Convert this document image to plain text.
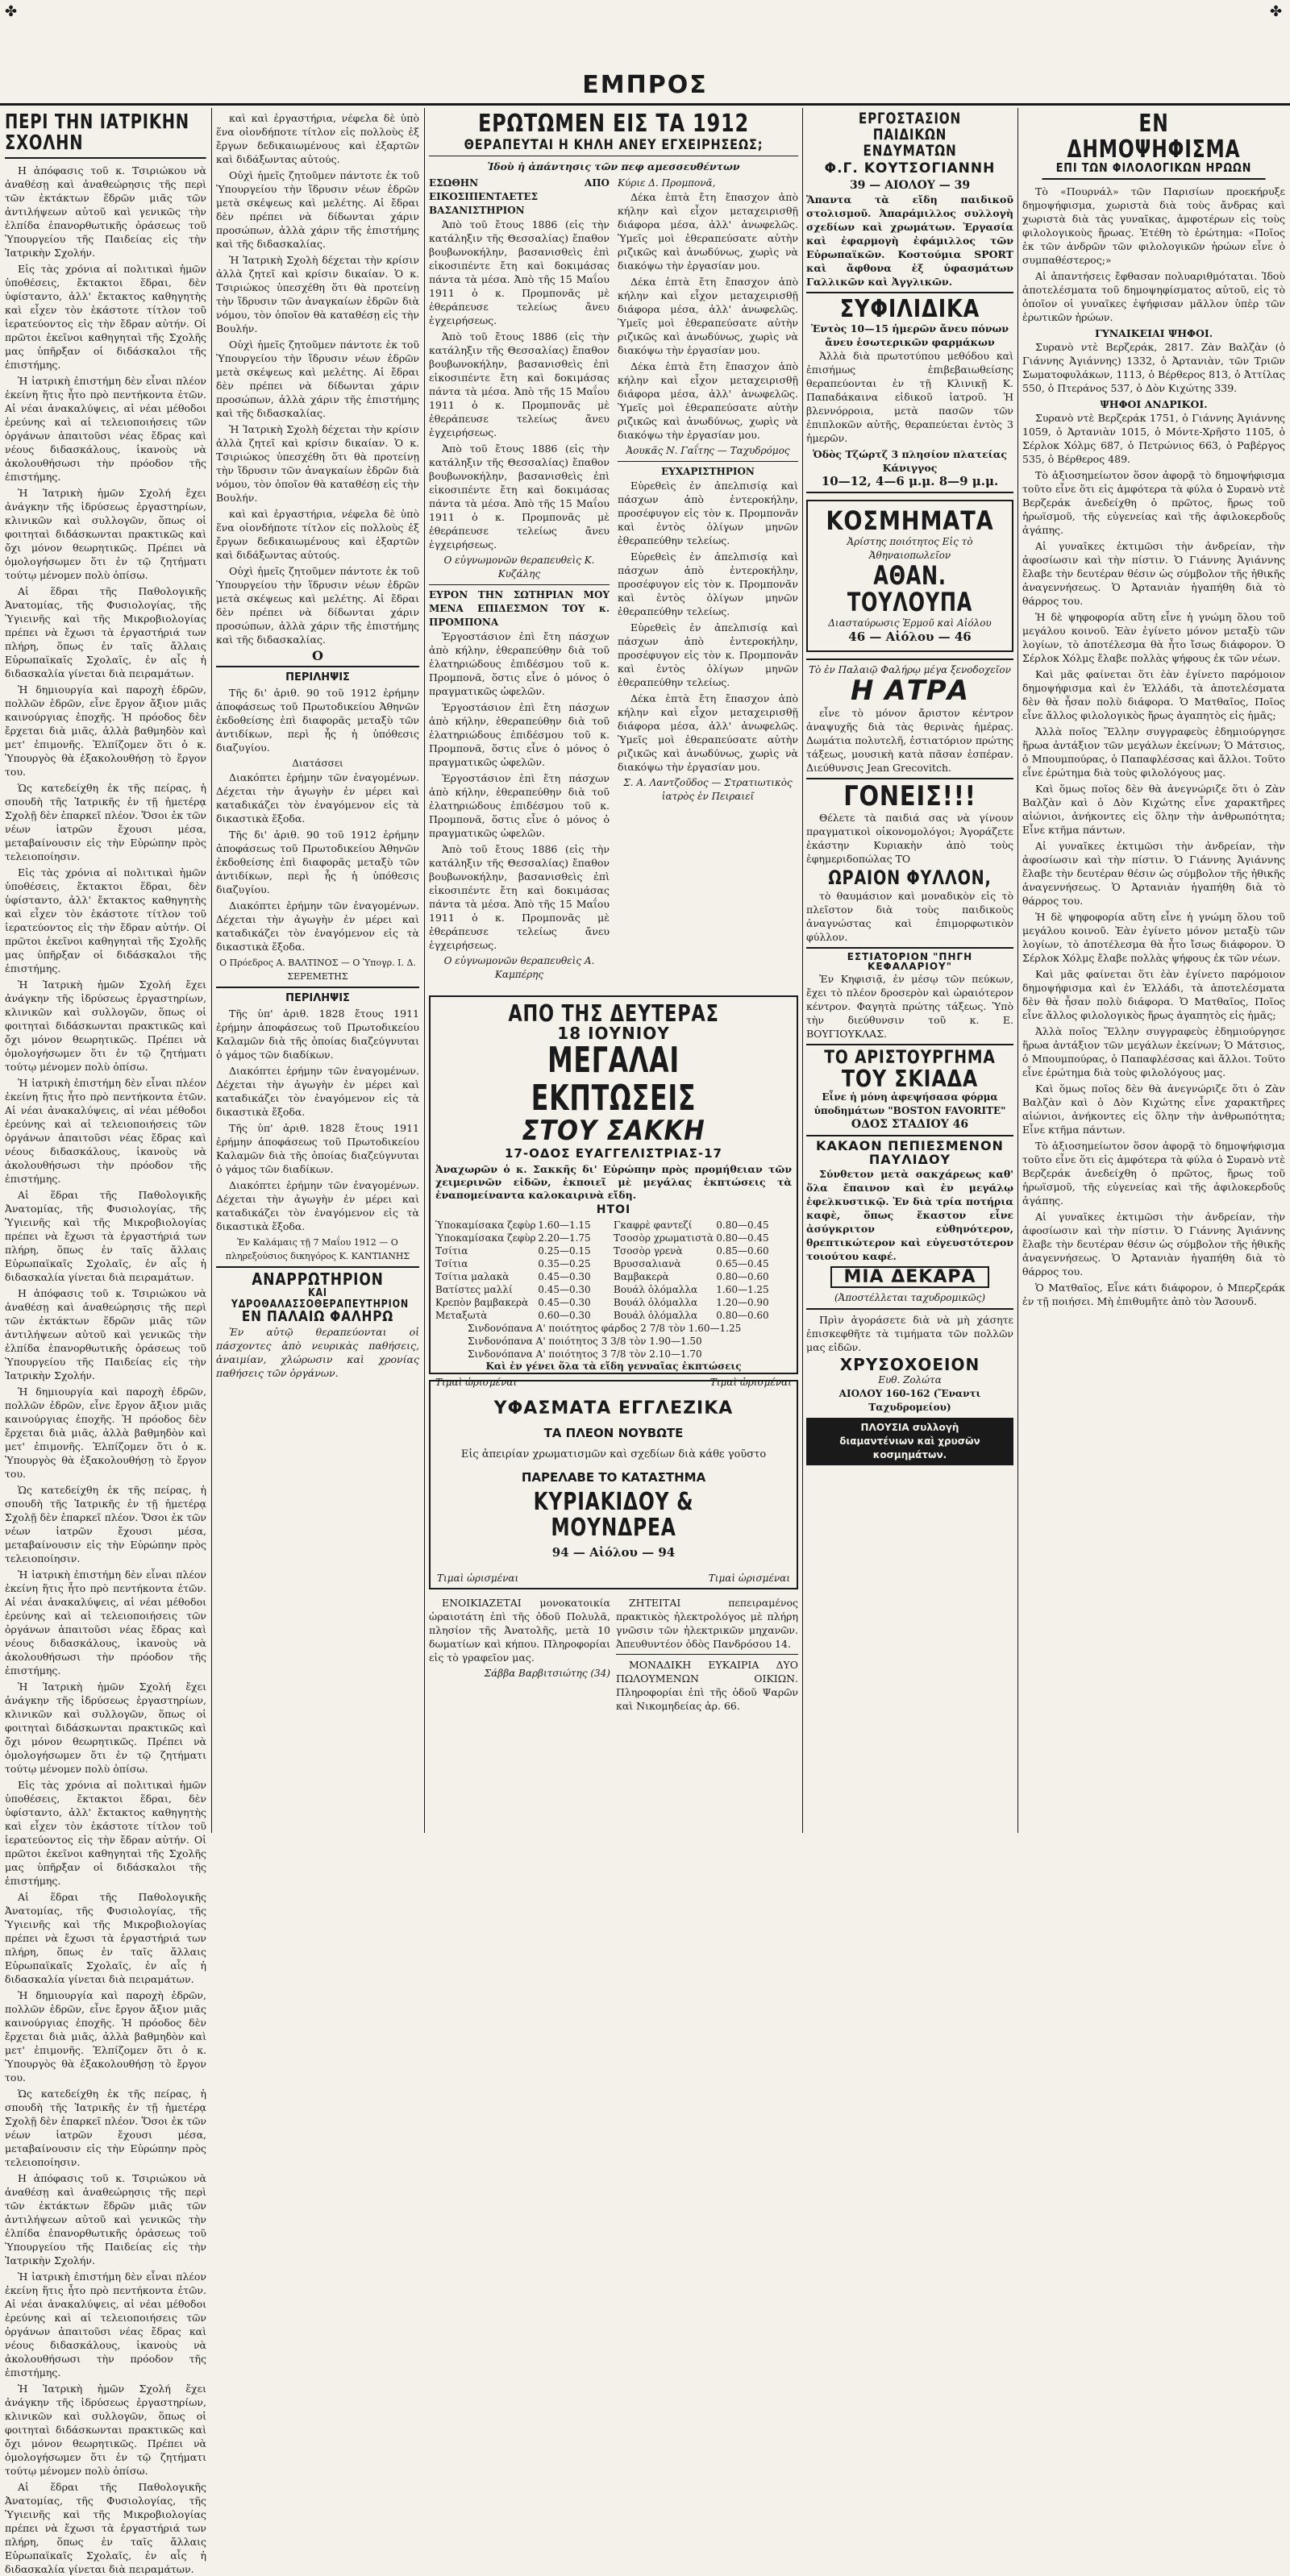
✤	✤
ΕΜΠΡΟΣ
ΠΕΡΙ ΤΗΝ ΙΑΤΡΙΚΗΝ ΣΧΟΛΗΝ

Η ἀπόφασις τοῦ κ. Τσιριώκου νὰ ἀναθέσῃ καὶ ἀναθεώρησις τῆς περὶ τῶν ἐκτάκτων ἕδρῶν μιᾶς τῶν ἀντιλήψεων αὐτοῦ καὶ γενικῶς τὴν ἐλπίδα ἐπανορθωτικῆς ὁράσεως τοῦ Ὑπουργείου τῆς Παιδείας εἰς τὴν Ἰατρικὴν Σχολήν.

Εἰς τὰς χρόνια αἱ πολιτικαὶ ἡμῶν ὑποθέσεις, ἔκτακτοι ἕδραι, δὲν ὑφίσταντο, ἀλλ' ἔκτακτος καθηγητὴς καὶ εἶχεν τὸν ἑκάστοτε τίτλον τοῦ ἱερατεύοντος εἰς τὴν ἔδραν αὐτήν. Οἱ πρῶτοι ἐκεῖνοι καθηγηταὶ τῆς Σχολῆς μας ὑπῆρξαν οἱ διδάσκαλοι τῆς ἐπιστήμης.

Ἡ ἰατρικὴ ἐπιστήμη δὲν εἶναι πλέον ἐκείνη ἥτις ἦτο πρὸ πεντήκοντα ἐτῶν. Αἱ νέαι ἀνακαλύψεις, αἱ νέαι μέθοδοι ἐρεύνης καὶ αἱ τελειοποιήσεις τῶν ὀργάνων ἀπαιτοῦσι νέας ἔδρας καὶ νέους διδασκάλους, ἱκανοὺς νὰ ἀκολουθήσωσι τὴν πρόοδον τῆς ἐπιστήμης.

Ἡ Ἰατρικὴ ἡμῶν Σχολή ἔχει ἀνάγκην τῆς ἱδρύσεως ἐργαστηρίων, κλινικῶν καὶ συλλογῶν, ὅπως οἱ φοιτηταὶ διδάσκωνται πρακτικῶς καὶ ὄχι μόνον θεωρητικῶς. Πρέπει νὰ ὁμολογήσωμεν ὅτι ἐν τῷ ζητήματι τούτῳ μένομεν πολὺ ὀπίσω.

Αἱ ἕδραι τῆς Παθολογικῆς Ἀνατομίας, τῆς Φυσιολογίας, τῆς Ὑγιεινῆς καὶ τῆς Μικροβιολογίας πρέπει νὰ ἔχωσι τὰ ἐργαστήριά των πλήρη, ὅπως ἐν ταῖς ἄλλαις Εὐρωπαϊκαῖς Σχολαῖς, ἐν αἷς ἡ διδασκαλία γίνεται διὰ πειραμάτων.

Ἡ δημιουργία καὶ παροχὴ ἐδρῶν, πολλῶν ἐδρῶν, εἶνε ἔργον ἄξιον μιᾶς καινούργιας ἐποχῆς. Ἡ πρόοδος δὲν ἔρχεται διὰ μιᾶς, ἀλλὰ βαθμηδὸν καὶ μετ' ἐπιμονῆς. Ἐλπίζομεν ὅτι ὁ κ. Ὑπουργὸς θὰ ἐξακολουθήσῃ τὸ ἔργον του.

Ὡς κατεδείχθη ἐκ τῆς πείρας, ἡ σπουδὴ τῆς Ἰατρικῆς ἐν τῇ ἡμετέρᾳ Σχολῇ δὲν ἐπαρκεῖ πλέον. Ὅσοι ἐκ τῶν νέων ἰατρῶν ἔχουσι μέσα, μεταβαίνουσιν εἰς τὴν Εὐρώπην πρὸς τελειοποίησιν.

Εἰς τὰς χρόνια αἱ πολιτικαὶ ἡμῶν ὑποθέσεις, ἔκτακτοι ἕδραι, δὲν ὑφίσταντο, ἀλλ' ἔκτακτος καθηγητὴς καὶ εἶχεν τὸν ἑκάστοτε τίτλον τοῦ ἱερατεύοντος εἰς τὴν ἔδραν αὐτήν. Οἱ πρῶτοι ἐκεῖνοι καθηγηταὶ τῆς Σχολῆς μας ὑπῆρξαν οἱ διδάσκαλοι τῆς ἐπιστήμης.

Ἡ Ἰατρικὴ ἡμῶν Σχολή ἔχει ἀνάγκην τῆς ἱδρύσεως ἐργαστηρίων, κλινικῶν καὶ συλλογῶν, ὅπως οἱ φοιτηταὶ διδάσκωνται πρακτικῶς καὶ ὄχι μόνον θεωρητικῶς. Πρέπει νὰ ὁμολογήσωμεν ὅτι ἐν τῷ ζητήματι τούτῳ μένομεν πολὺ ὀπίσω.

Ἡ ἰατρικὴ ἐπιστήμη δὲν εἶναι πλέον ἐκείνη ἥτις ἦτο πρὸ πεντήκοντα ἐτῶν. Αἱ νέαι ἀνακαλύψεις, αἱ νέαι μέθοδοι ἐρεύνης καὶ αἱ τελειοποιήσεις τῶν ὀργάνων ἀπαιτοῦσι νέας ἔδρας καὶ νέους διδασκάλους, ἱκανοὺς νὰ ἀκολουθήσωσι τὴν πρόοδον τῆς ἐπιστήμης.

Αἱ ἕδραι τῆς Παθολογικῆς Ἀνατομίας, τῆς Φυσιολογίας, τῆς Ὑγιεινῆς καὶ τῆς Μικροβιολογίας πρέπει νὰ ἔχωσι τὰ ἐργαστήριά των πλήρη, ὅπως ἐν ταῖς ἄλλαις Εὐρωπαϊκαῖς Σχολαῖς, ἐν αἷς ἡ διδασκαλία γίνεται διὰ πειραμάτων.

Η ἀπόφασις τοῦ κ. Τσιριώκου νὰ ἀναθέσῃ καὶ ἀναθεώρησις τῆς περὶ τῶν ἐκτάκτων ἕδρῶν μιᾶς τῶν ἀντιλήψεων αὐτοῦ καὶ γενικῶς τὴν ἐλπίδα ἐπανορθωτικῆς ὁράσεως τοῦ Ὑπουργείου τῆς Παιδείας εἰς τὴν Ἰατρικὴν Σχολήν.

Ἡ δημιουργία καὶ παροχὴ ἐδρῶν, πολλῶν ἐδρῶν, εἶνε ἔργον ἄξιον μιᾶς καινούργιας ἐποχῆς. Ἡ πρόοδος δὲν ἔρχεται διὰ μιᾶς, ἀλλὰ βαθμηδὸν καὶ μετ' ἐπιμονῆς. Ἐλπίζομεν ὅτι ὁ κ. Ὑπουργὸς θὰ ἐξακολουθήσῃ τὸ ἔργον του.

Ὡς κατεδείχθη ἐκ τῆς πείρας, ἡ σπουδὴ τῆς Ἰατρικῆς ἐν τῇ ἡμετέρᾳ Σχολῇ δὲν ἐπαρκεῖ πλέον. Ὅσοι ἐκ τῶν νέων ἰατρῶν ἔχουσι μέσα, μεταβαίνουσιν εἰς τὴν Εὐρώπην πρὸς τελειοποίησιν.

Ἡ ἰατρικὴ ἐπιστήμη δὲν εἶναι πλέον ἐκείνη ἥτις ἦτο πρὸ πεντήκοντα ἐτῶν. Αἱ νέαι ἀνακαλύψεις, αἱ νέαι μέθοδοι ἐρεύνης καὶ αἱ τελειοποιήσεις τῶν ὀργάνων ἀπαιτοῦσι νέας ἔδρας καὶ νέους διδασκάλους, ἱκανοὺς νὰ ἀκολουθήσωσι τὴν πρόοδον τῆς ἐπιστήμης.

Ἡ Ἰατρικὴ ἡμῶν Σχολή ἔχει ἀνάγκην τῆς ἱδρύσεως ἐργαστηρίων, κλινικῶν καὶ συλλογῶν, ὅπως οἱ φοιτηταὶ διδάσκωνται πρακτικῶς καὶ ὄχι μόνον θεωρητικῶς. Πρέπει νὰ ὁμολογήσωμεν ὅτι ἐν τῷ ζητήματι τούτῳ μένομεν πολὺ ὀπίσω.

Εἰς τὰς χρόνια αἱ πολιτικαὶ ἡμῶν ὑποθέσεις, ἔκτακτοι ἕδραι, δὲν ὑφίσταντο, ἀλλ' ἔκτακτος καθηγητὴς καὶ εἶχεν τὸν ἑκάστοτε τίτλον τοῦ ἱερατεύοντος εἰς τὴν ἔδραν αὐτήν. Οἱ πρῶτοι ἐκεῖνοι καθηγηταὶ τῆς Σχολῆς μας ὑπῆρξαν οἱ διδάσκαλοι τῆς ἐπιστήμης.

Αἱ ἕδραι τῆς Παθολογικῆς Ἀνατομίας, τῆς Φυσιολογίας, τῆς Ὑγιεινῆς καὶ τῆς Μικροβιολογίας πρέπει νὰ ἔχωσι τὰ ἐργαστήριά των πλήρη, ὅπως ἐν ταῖς ἄλλαις Εὐρωπαϊκαῖς Σχολαῖς, ἐν αἷς ἡ διδασκαλία γίνεται διὰ πειραμάτων.

Ἡ δημιουργία καὶ παροχὴ ἐδρῶν, πολλῶν ἐδρῶν, εἶνε ἔργον ἄξιον μιᾶς καινούργιας ἐποχῆς. Ἡ πρόοδος δὲν ἔρχεται διὰ μιᾶς, ἀλλὰ βαθμηδὸν καὶ μετ' ἐπιμονῆς. Ἐλπίζομεν ὅτι ὁ κ. Ὑπουργὸς θὰ ἐξακολουθήσῃ τὸ ἔργον του.

Ὡς κατεδείχθη ἐκ τῆς πείρας, ἡ σπουδὴ τῆς Ἰατρικῆς ἐν τῇ ἡμετέρᾳ Σχολῇ δὲν ἐπαρκεῖ πλέον. Ὅσοι ἐκ τῶν νέων ἰατρῶν ἔχουσι μέσα, μεταβαίνουσιν εἰς τὴν Εὐρώπην πρὸς τελειοποίησιν.

Η ἀπόφασις τοῦ κ. Τσιριώκου νὰ ἀναθέσῃ καὶ ἀναθεώρησις τῆς περὶ τῶν ἐκτάκτων ἕδρῶν μιᾶς τῶν ἀντιλήψεων αὐτοῦ καὶ γενικῶς τὴν ἐλπίδα ἐπανορθωτικῆς ὁράσεως τοῦ Ὑπουργείου τῆς Παιδείας εἰς τὴν Ἰατρικὴν Σχολήν.

Ἡ ἰατρικὴ ἐπιστήμη δὲν εἶναι πλέον ἐκείνη ἥτις ἦτο πρὸ πεντήκοντα ἐτῶν. Αἱ νέαι ἀνακαλύψεις, αἱ νέαι μέθοδοι ἐρεύνης καὶ αἱ τελειοποιήσεις τῶν ὀργάνων ἀπαιτοῦσι νέας ἔδρας καὶ νέους διδασκάλους, ἱκανοὺς νὰ ἀκολουθήσωσι τὴν πρόοδον τῆς ἐπιστήμης.

Ἡ Ἰατρικὴ ἡμῶν Σχολή ἔχει ἀνάγκην τῆς ἱδρύσεως ἐργαστηρίων, κλινικῶν καὶ συλλογῶν, ὅπως οἱ φοιτηταὶ διδάσκωνται πρακτικῶς καὶ ὄχι μόνον θεωρητικῶς. Πρέπει νὰ ὁμολογήσωμεν ὅτι ἐν τῷ ζητήματι τούτῳ μένομεν πολὺ ὀπίσω.

Αἱ ἕδραι τῆς Παθολογικῆς Ἀνατομίας, τῆς Φυσιολογίας, τῆς Ὑγιεινῆς καὶ τῆς Μικροβιολογίας πρέπει νὰ ἔχωσι τὰ ἐργαστήριά των πλήρη, ὅπως ἐν ταῖς ἄλλαις Εὐρωπαϊκαῖς Σχολαῖς, ἐν αἷς ἡ διδασκαλία γίνεται διὰ πειραμάτων.

καὶ καὶ ἐργαστήρια, νέφελα δὲ ὑπὸ ἕνα οἰονδήποτε τίτλον εἰς πολλοὺς ἐξ ἔργων δεδικαιωμένους καὶ ἐξαρτῶν καὶ διδάξωντας αὐτούς.

Οὐχὶ ἡμεῖς ζητοῦμεν πάντοτε ἐκ τοῦ Ὑπουργείου τὴν ἵδρυσιν νέων ἐδρῶν μετὰ σκέψεως καὶ μελέτης. Αἱ ἔδραι δὲν πρέπει νὰ δίδωνται χάριν προσώπων, ἀλλὰ χάριν τῆς ἐπιστήμης καὶ τῆς διδασκαλίας.

Ἡ Ἰατρικὴ Σχολὴ δέχεται τὴν κρίσιν ἀλλὰ ζητεῖ καὶ κρίσιν δικαίαν. Ὁ κ. Τσιριώκος ὑπεσχέθη ὅτι θὰ προτείνῃ τὴν ἵδρυσιν τῶν ἀναγκαίων ἐδρῶν διὰ νόμου, τὸν ὁποῖον θὰ καταθέσῃ εἰς τὴν Βουλήν.

Οὐχὶ ἡμεῖς ζητοῦμεν πάντοτε ἐκ τοῦ Ὑπουργείου τὴν ἵδρυσιν νέων ἐδρῶν μετὰ σκέψεως καὶ μελέτης. Αἱ ἔδραι δὲν πρέπει νὰ δίδωνται χάριν προσώπων, ἀλλὰ χάριν τῆς ἐπιστήμης καὶ τῆς διδασκαλίας.

Ἡ Ἰατρικὴ Σχολὴ δέχεται τὴν κρίσιν ἀλλὰ ζητεῖ καὶ κρίσιν δικαίαν. Ὁ κ. Τσιριώκος ὑπεσχέθη ὅτι θὰ προτείνῃ τὴν ἵδρυσιν τῶν ἀναγκαίων ἐδρῶν διὰ νόμου, τὸν ὁποῖον θὰ καταθέσῃ εἰς τὴν Βουλήν.

καὶ καὶ ἐργαστήρια, νέφελα δὲ ὑπὸ ἕνα οἰονδήποτε τίτλον εἰς πολλοὺς ἐξ ἔργων δεδικαιωμένους καὶ ἐξαρτῶν καὶ διδάξωντας αὐτούς.

Οὐχὶ ἡμεῖς ζητοῦμεν πάντοτε ἐκ τοῦ Ὑπουργείου τὴν ἵδρυσιν νέων ἐδρῶν μετὰ σκέψεως καὶ μελέτης. Αἱ ἔδραι δὲν πρέπει νὰ δίδωνται χάριν προσώπων, ἀλλὰ χάριν τῆς ἐπιστήμης καὶ τῆς διδασκαλίας.

Ο
ΠΕΡΙΛΗΨΙΣ

Τῆς δι' ἀριθ. 90 τοῦ 1912 ἐρήμην ἀποφάσεως τοῦ Πρωτοδικείου Ἀθηνῶν ἐκδοθείσης ἐπὶ διαφορᾶς μεταξὺ τῶν ἀντιδίκων, περὶ ἧς ἡ ὑπόθεσις διαζυγίου.

Διατάσσει

Διακόπτει ἐρήμην τῶν ἐναγομένων. Δέχεται τὴν ἀγωγὴν ἐν μέρει καὶ καταδικάζει τὸν ἐναγόμενον εἰς τὰ δικαστικὰ ἔξοδα.

Τῆς δι' ἀριθ. 90 τοῦ 1912 ἐρήμην ἀποφάσεως τοῦ Πρωτοδικείου Ἀθηνῶν ἐκδοθείσης ἐπὶ διαφορᾶς μεταξὺ τῶν ἀντιδίκων, περὶ ἧς ἡ ὑπόθεσις διαζυγίου.

Διακόπτει ἐρήμην τῶν ἐναγομένων. Δέχεται τὴν ἀγωγὴν ἐν μέρει καὶ καταδικάζει τὸν ἐναγόμενον εἰς τὰ δικαστικὰ ἔξοδα.

Ο Πρόεδρος Α. ΒΑΛΤΙΝΟΣ — Ο Ὑπογρ. Ι. Δ. ΣΕΡΕΜΕΤΗΣ
ΠΕΡΙΛΗΨΙΣ

Τῆς ὑπ' ἀριθ. 1828 ἔτους 1911 ἐρήμην ἀποφάσεως τοῦ Πρωτοδικείου Καλαμῶν διὰ τῆς ὁποίας διαζεύγνυται ὁ γάμος τῶν διαδίκων.

Διακόπτει ἐρήμην τῶν ἐναγομένων. Δέχεται τὴν ἀγωγὴν ἐν μέρει καὶ καταδικάζει τὸν ἐναγόμενον εἰς τὰ δικαστικὰ ἔξοδα.

Τῆς ὑπ' ἀριθ. 1828 ἔτους 1911 ἐρήμην ἀποφάσεως τοῦ Πρωτοδικείου Καλαμῶν διὰ τῆς ὁποίας διαζεύγνυται ὁ γάμος τῶν διαδίκων.

Διακόπτει ἐρήμην τῶν ἐναγομένων. Δέχεται τὴν ἀγωγὴν ἐν μέρει καὶ καταδικάζει τὸν ἐναγόμενον εἰς τὰ δικαστικὰ ἔξοδα.

Ἐν Καλάμαις τῇ 7 Μαΐου 1912 — Ο πληρεξούσιος δικηγόρος Κ. ΚΑΝΤΙΑΝΗΣ
ΑΝΑΡΡΩΤΗΡΙΟΝ
ΚΑΙ ΥΔΡΟΘΑΛΑΣΣΟΘΕΡΑΠΕΥΤΗΡΙΟΝ
ΕΝ ΠΑΛΑΙΩ ΦΑΛΗΡΩ

Ἐν αὐτῷ θεραπεύονται οἱ πάσχοντες ἀπὸ νευρικὰς παθήσεις, ἀναιμίαν, χλώρωσιν καὶ χρονίας παθήσεις τῶν ὀργάνων.

ΕΡΩΤΩΜΕΝ ΕΙΣ ΤΑ 1912
ΘΕΡΑΠΕΥΤΑΙ Η ΚΗΛΗ ΑΝΕΥ ΕΓΧΕΙΡΗΣΕΩΣ;
Ἰδοὺ ἡ ἀπάντησις τῶν πεφ αμεσσευθέντων
ΕΣΩΘΗΝ ΑΠΟ ΕΙΚΟΣΙΠΕΝΤΑΕΤΕΣ ΒΑΣΑΝΙΣΤΗΡΙΟΝ

Ἀπὸ τοῦ ἔτους 1886 (εἰς τὴν κατάληξιν τῆς Θεσσαλίας) ἔπαθον βουβωνοκήλην, βασανισθεὶς ἐπὶ εἰκοσιπέντε ἔτη καὶ δοκιμάσας πάντα τὰ μέσα. Ἀπὸ τῆς 15 Μαΐου 1911 ὁ κ. Προμπονᾶς μὲ ἐθεράπευσε τελείως ἄνευ ἐγχειρήσεως.

Ἀπὸ τοῦ ἔτους 1886 (εἰς τὴν κατάληξιν τῆς Θεσσαλίας) ἔπαθον βουβωνοκήλην, βασανισθεὶς ἐπὶ εἰκοσιπέντε ἔτη καὶ δοκιμάσας πάντα τὰ μέσα. Ἀπὸ τῆς 15 Μαΐου 1911 ὁ κ. Προμπονᾶς μὲ ἐθεράπευσε τελείως ἄνευ ἐγχειρήσεως.

Ἀπὸ τοῦ ἔτους 1886 (εἰς τὴν κατάληξιν τῆς Θεσσαλίας) ἔπαθον βουβωνοκήλην, βασανισθεὶς ἐπὶ εἰκοσιπέντε ἔτη καὶ δοκιμάσας πάντα τὰ μέσα. Ἀπὸ τῆς 15 Μαΐου 1911 ὁ κ. Προμπονᾶς μὲ ἐθεράπευσε τελείως ἄνευ ἐγχειρήσεως.

Ο εὐγνωμονῶν θεραπευθεὶς Κ. Κυζάλης
ΕΥΡΟΝ ΤΗΝ ΣΩΤΗΡΙΑΝ ΜΟΥ ΜΕΝΑ ΕΠΙΔΕΣΜΟΝ ΤΟΥ κ. ΠΡΟΜΠΟΝΑ

Ἐργοστάσιον ἐπὶ ἔτη πάσχων ἀπὸ κήλην, ἐθεραπεύθην διὰ τοῦ ἐλατηριώδους ἐπιδέσμου τοῦ κ. Προμπονᾶ, ὅστις εἶνε ὁ μόνος ὁ πραγματικῶς ὠφελῶν.

Ἐργοστάσιον ἐπὶ ἔτη πάσχων ἀπὸ κήλην, ἐθεραπεύθην διὰ τοῦ ἐλατηριώδους ἐπιδέσμου τοῦ κ. Προμπονᾶ, ὅστις εἶνε ὁ μόνος ὁ πραγματικῶς ὠφελῶν.

Ἐργοστάσιον ἐπὶ ἔτη πάσχων ἀπὸ κήλην, ἐθεραπεύθην διὰ τοῦ ἐλατηριώδους ἐπιδέσμου τοῦ κ. Προμπονᾶ, ὅστις εἶνε ὁ μόνος ὁ πραγματικῶς ὠφελῶν.

Ἀπὸ τοῦ ἔτους 1886 (εἰς τὴν κατάληξιν τῆς Θεσσαλίας) ἔπαθον βουβωνοκήλην, βασανισθεὶς ἐπὶ εἰκοσιπέντε ἔτη καὶ δοκιμάσας πάντα τὰ μέσα. Ἀπὸ τῆς 15 Μαΐου 1911 ὁ κ. Προμπονᾶς μὲ ἐθεράπευσε τελείως ἄνευ ἐγχειρήσεως.

Ο εὐγνωμονῶν θεραπευθεὶς Α. Καμπέρης
Κύριε Δ. Προμπονᾶ,

Δέκα ἑπτὰ ἔτη ἔπασχον ἀπὸ κήλην καὶ εἶχον μεταχειρισθῇ διάφορα μέσα, ἀλλ' ἀνωφελῶς. Ὑμεῖς μοὶ ἐθεραπεύσατε αὐτὴν ριζικῶς καὶ ἀνωδύνως, χωρὶς νὰ διακόψω τὴν ἐργασίαν μου.

Δέκα ἑπτὰ ἔτη ἔπασχον ἀπὸ κήλην καὶ εἶχον μεταχειρισθῇ διάφορα μέσα, ἀλλ' ἀνωφελῶς. Ὑμεῖς μοὶ ἐθεραπεύσατε αὐτὴν ριζικῶς καὶ ἀνωδύνως, χωρὶς νὰ διακόψω τὴν ἐργασίαν μου.

Δέκα ἑπτὰ ἔτη ἔπασχον ἀπὸ κήλην καὶ εἶχον μεταχειρισθῇ διάφορα μέσα, ἀλλ' ἀνωφελῶς. Ὑμεῖς μοὶ ἐθεραπεύσατε αὐτὴν ριζικῶς καὶ ἀνωδύνως, χωρὶς νὰ διακόψω τὴν ἐργασίαν μου.

Ἀουκᾶς Ν. Γαΐτης — Ταχυδρόμος
ΕΥΧΑΡΙΣΤΗΡΙΟΝ

Εὑρεθεὶς ἐν ἀπελπισίᾳ καὶ πάσχων ἀπὸ ἐντεροκήλην, προσέφυγον εἰς τὸν κ. Προμπονᾶν καὶ ἐντὸς ὀλίγων μηνῶν ἐθεραπεύθην τελείως.

Εὑρεθεὶς ἐν ἀπελπισίᾳ καὶ πάσχων ἀπὸ ἐντεροκήλην, προσέφυγον εἰς τὸν κ. Προμπονᾶν καὶ ἐντὸς ὀλίγων μηνῶν ἐθεραπεύθην τελείως.

Εὑρεθεὶς ἐν ἀπελπισίᾳ καὶ πάσχων ἀπὸ ἐντεροκήλην, προσέφυγον εἰς τὸν κ. Προμπονᾶν καὶ ἐντὸς ὀλίγων μηνῶν ἐθεραπεύθην τελείως.

Δέκα ἑπτὰ ἔτη ἔπασχον ἀπὸ κήλην καὶ εἶχον μεταχειρισθῇ διάφορα μέσα, ἀλλ' ἀνωφελῶς. Ὑμεῖς μοὶ ἐθεραπεύσατε αὐτὴν ριζικῶς καὶ ἀνωδύνως, χωρὶς νὰ διακόψω τὴν ἐργασίαν μου.

Σ. Α. Λαντζοῦδος — Στρατιωτικὸς ἰατρὸς ἐν Πειραιεῖ
ΑΠΟ ΤΗΣ ΔΕΥΤΕΡΑΣ
18 ΙΟΥΝΙΟΥ
ΜΕΓΑΛΑΙ ΕΚΠΤΩΣΕΙΣ
ΣΤΟΥ ΣΑΚΚΗ
17-ΟΔΟΣ ΕΥΑΓΓΕΛΙΣΤΡΙΑΣ-17
Ἀναχωρῶν ὁ κ. Σακκῆς δι' Εὐρώπην πρὸς προμήθειαν τῶν χειμερινῶν εἰδῶν, ἐκποιεῖ μὲ μεγάλας ἐκπτώσεις τὰ ἐναπομείναντα καλοκαιρινὰ εἴδη.
ΗΤΟΙ
Ὑποκαμίσακα ζεφὺρ 1.60—1.15	Γκαφρὲ φαντεζί	0.80—0.45
Ὑποκαμίσακα ζεφὺρ 2.20—1.75	Τσοσὸρ χρωματιστὰ 0.80—0.45
Τσίτια	0.25—0.15	Τσοσὸρ γρενὰ	0.85—0.60
Τσίτια	0.35—0.25	Βρυσσαλιανὰ	0.65—0.45
Τσίτια μαλακὰ	0.45—0.30	Βαμβακερὰ	0.80—0.60
Βατίστες μαλλί	0.45—0.30	Βουάλ ὁλόμαλλα	1.60—1.25
Κρεπὸν βαμβακερὰ	0.45—0.30	Βουάλ ὁλόμαλλα	1.20—0.90
Μεταξωτὰ	0.60—0.30	Βουάλ ὁλόμαλλα	0.80—0.60
Σινδονόπανα Α' ποιότητος φάρδος 2 7/8 τὸν 1.60—1.25
Σινδονόπανα Α' ποιότητος 3 3/8 τὸν 1.90—1.50
Σινδονόπανα Α' ποιότητος 3 7/8 τὸν 2.10—1.70
Καὶ ἐν γένει ὅλα τὰ εἴδη γενναῖας ἐκπτώσεις
Τιμαὶ ὡρισμέναι	Τιμαὶ ὡρισμέναι
ΥΦΑΣΜΑΤΑ ΕΓΓΛΕΖΙΚΑ
ΤΑ ΠΛΕΟΝ ΝΟΥΒΩΤΕ
Εἰς ἀπειρίαν χρωματισμῶν καὶ σχεδίων διὰ κάθε γοῦστο
ΠΑΡΕΛΑΒΕ ΤΟ ΚΑΤΑΣΤΗΜΑ
ΚΥΡΙΑΚΙΔΟΥ & ΜΟΥΝΔΡΕΑ
94 — Αἰόλου — 94
Τιμαὶ ὡρισμέναι	Τιμαὶ ὡρισμέναι

ΕΝΟΙΚΙΑΖΕΤΑΙ μονοκατοικία ὡραιοτάτη ἐπὶ τῆς ὁδοῦ Πολυλᾶ, πλησίον τῆς Ἀνατολῆς, μετὰ 10 δωματίων καὶ κήπου. Πληροφορίαι εἰς τὸ γραφεῖον μας.

Σάββα Βαρβιτσιώτης (34)

ΖΗΤΕΙΤΑΙ πεπειραμένος πρακτικὸς ἠλεκτρολόγος μὲ πλήρη γνῶσιν τῶν ἠλεκτρικῶν μηχανῶν. Ἀπευθυντέον ὁδὸς Πανδρόσου 14.

ΜΟΝΑΔΙΚΗ ΕΥΚΑΙΡΙΑ ΔΥΟ ΠΩΛΟΥΜΕΝΩΝ ΟΙΚΙΩΝ. Πληροφορίαι ἐπὶ τῆς ὁδοῦ Ψαρῶν καὶ Νικομηδείας ἀρ. 66.

ΕΡΓΟΣΤΑΣΙΟΝ ΠΑΙΔΙΚΩΝ ΕΝΔΥΜΑΤΩΝ
Φ.Γ. ΚΟΥΤΣΟΓΙΑΝΝΗ
39 — ΑΙΟΛΟΥ — 39
Ἅπαντα τὰ εἴδη παιδικοῦ στολισμοῦ. Ἀπαράμιλλος συλλογὴ σχεδίων καὶ χρωμάτων. Ἐργασία καὶ ἐφαρμογὴ ἐφάμιλλος τῶν Εὐρωπαϊκῶν. Κοστούμια SPORT καὶ ἄφθονα ἐξ ὑφασμάτων Γαλλικῶν καὶ Ἀγγλικῶν.
ΣΥΦΙΛΙΔΙΚΑ
Ἐντὸς 10—15 ἡμερῶν ἄνευ πόνων ἄνευ ἐσωτερικῶν φαρμάκων

Ἀλλὰ διὰ πρωτοτύπου μεθόδου καὶ ἐπισήμως ἐπιβεβαιωθείσης θεραπεύονται ἐν τῇ Κλινικῇ Κ. Παπαδάκαινα εἰδικοῦ ἰατροῦ. Ἡ βλεννόρροια, μετὰ πασῶν τῶν ἐπιπλοκῶν αὐτῆς, θεραπεύεται ἐντὸς 3 ἡμερῶν.

Ὁδὸς Τζώρτζ 3 πλησίον πλατείας Κάνιγγος
10—12, 4—6 μ.μ. 8—9 μ.μ.
ΚΟΣΜΗΜΑΤΑ
Ἀρίστης ποιότητος Εἰς τὸ Ἀθηναιοπωλεῖον
ΑΘΑΝ. ΤΟΥΛΟΥΠΑ
Διασταύρωσις Ἑρμοῦ καὶ Αἰόλου
46 — Αἰόλου — 46
Τὸ ἐν Παλαιῷ Φαλήρῳ μέγα ξενοδοχεῖον
Η ΑΤΡΑ

εἶνε τὸ μόνον ἄριστον κέντρον ἀναψυχῆς διὰ τὰς θερινὰς ἡμέρας. Δωμάτια πολυτελῆ, ἐστιατόριον πρώτης τάξεως, μουσικὴ κατὰ πᾶσαν ἑσπέραν. Διεύθυνσις Jean Grecovitch.

ΓΟΝΕΙΣ!!!

Θέλετε τὰ παιδιά σας νὰ γίνουν πραγματικοὶ οἰκονομολόγοι; Ἀγοράζετε ἑκάστην Κυριακὴν ἀπὸ τοὺς ἐφημεριδοπώλας ΤΟ

ΩΡΑΙΟΝ ΦΥΛΛΟΝ,

τὸ θαυμάσιον καὶ μοναδικὸν εἰς τὸ πλεῖστον διὰ τοὺς παιδικοὺς ἀναγνώστας καὶ ἐπιμορφωτικὸν φύλλον.

ΕΣΤΙΑΤΟΡΙΟΝ "ΠΗΓΗ ΚΕΦΑΛΑΡΙΟΥ"

Ἐν Κηφισιᾷ, ἐν μέσῳ τῶν πεύκων, ἔχει τὸ πλέον δροσερὸν καὶ ὡραιότερον κέντρον. Φαγητὰ πρώτης τάξεως. Ὑπὸ τὴν διεύθυνσιν τοῦ κ. Ε. ΒΟΥΓΙΟΥΚΛΑΣ.

ΤΟ ΑΡΙΣΤΟΥΡΓΗΜΑ
ΤΟΥ ΣΚΙΑΔΑ
Εἶνε ἡ μόνη ἀφεψήσασα φόρμα ὑποδημάτων "BOSTON FAVORITE"
ΟΔΟΣ ΣΤΑΔΙΟΥ 46
ΚΑΚΑΟΝ ΠΕΠΙΕΣΜΕΝΟΝ ΠΑΥΛΙΔΟΥ

Σύνθετον μετὰ σακχάρεως καθ' ὅλα ἔπαινον καὶ ἐν μεγάλῳ ἐφελκυστικῷ. Ἐν διὰ τρία ποτήρια καφὲ, ὅπως ἕκαστον εἶνε ἀσύγκριτον εὐθηνότερον, θρεπτικώτερον καὶ εὐγευστότερον τοιούτου καφέ.

ΜΙΑ ΔΕΚΑΡΑ
(Ἀποστέλλεται ταχυδρομικῶς)

Πρὶν ἀγοράσετε διὰ νὰ μὴ χάσητε ἐπισκεφθῆτε τὰ τιμήματα τῶν πολλῶν μας εἰδῶν.

ΧΡΥΣΟΧΟΕΙΟΝ
Ευθ. Ζολώτα
ΑΙΟΛΟΥ 160-162 (Ἔναντι Ταχυδρομείου)
ΠΛΟΥΣΙΑ συλλογὴ διαμαντένιων καὶ χρυσῶν κοσμημάτων.
ΕΝ ΔΗΜΟΨΗΦΙΣΜΑ
ΕΠΙ ΤΩΝ ΦΙΛΟΛΟΓΙΚΩΝ ΗΡΩΩΝ

Τὸ «Πουρνάλ» τῶν Παρισίων προεκήρυξε δημοψήφισμα, χωριστὰ διὰ τοὺς ἄνδρας καὶ χωριστὰ διὰ τὰς γυναῖκας, ἀμφοτέρων εἰς τοὺς φιλολογικοὺς ἥρωας. Ἐτέθη τὸ ἐρώτημα: «Ποῖος ἐκ τῶν ἀνδρῶν τῶν φιλολογικῶν ἡρώων εἶνε ὁ συμπαθέστερος;»

Αἱ ἀπαντήσεις ἔφθασαν πολυαριθμόταται. Ἰδοὺ ἀποτελέσματα τοῦ δημοψηφίσματος αὐτοῦ, εἰς τὸ ὁποῖον οἱ γυναῖκες ἐψήφισαν μᾶλλον ὑπὲρ τῶν ἐρωτικῶν ἡρώων.

ΓΥΝΑΙΚΕΙΑΙ ΨΗΦΟΙ.

Συρανὸ ντὲ Βερζεράκ, 2817. Ζὰν Βαλζὰν (ὁ Γιάννης Ἀγιάννης) 1332, ὁ Ἀρτανιὰν, τῶν Τριῶν Σωματοφυλάκων, 1113, ὁ Βέρθερος 813, ὁ Ἀττίλας 550, ὁ Πτεράνος 537, ὁ Δὸν Κιχώτης 339.

ΨΗΦΟΙ ΑΝΔΡΙΚΟΙ.

Συρανὸ ντὲ Βερζεράκ 1751, ὁ Γιάννης Ἀγιάννης 1059, ὁ Ἀρτανιὰν 1015, ὁ Μόντε-Χρῆστο 1105, ὁ Σέρλοκ Χόλμς 687, ὁ Πετρώνιος 663, ὁ Ραβέργος 535, ὁ Βέρθερος 489.

Τὸ ἀξιοσημείωτον ὅσον ἀφορᾷ τὸ δημοψήφισμα τοῦτο εἶνε ὅτι εἰς ἀμφότερα τὰ φύλα ὁ Συρανὸ ντὲ Βερζεράκ ἀνεδείχθη ὁ πρῶτος, ἥρως τοῦ ἡρωϊσμοῦ, τῆς εὐγενείας καὶ τῆς ἀφιλοκερδοῦς ἀγάπης.

Αἱ γυναῖκες ἐκτιμῶσι τὴν ἀνδρείαν, τὴν ἀφοσίωσιν καὶ τὴν πίστιν. Ὁ Γιάννης Ἀγιάννης ἔλαβε τὴν δευτέραν θέσιν ὡς σύμβολον τῆς ἠθικῆς ἀναγεννήσεως. Ὁ Ἀρτανιὰν ἠγαπήθη διὰ τὸ θάρρος του.

Ἡ δὲ ψηφοφορία αὕτη εἶνε ἡ γνώμη ὅλου τοῦ μεγάλου κοινοῦ. Ἐὰν ἐγίνετο μόνον μεταξὺ τῶν λογίων, τὸ ἀποτέλεσμα θὰ ἦτο ἴσως διάφορον. Ὁ Σέρλοκ Χόλμς ἔλαβε πολλὰς ψήφους ἐκ τῶν νέων.

Καὶ μᾶς φαίνεται ὅτι ἐὰν ἐγίνετο παρόμοιον δημοψήφισμα καὶ ἐν Ἑλλάδι, τὰ ἀποτελέσματα δὲν θὰ ἦσαν πολὺ διάφορα. Ὁ Ματθαῖος, Ποῖος εἶνε ἄλλος φιλολογικὸς ἥρως ἀγαπητὸς εἰς ἡμᾶς;

Ἀλλὰ ποῖος Ἕλλην συγγραφεὺς ἐδημιούργησε ἥρωα ἀντάξιον τῶν μεγάλων ἐκείνων; Ὁ Μάτσιος, ὁ Μπουμπούρας, ὁ Παπαφλέσσας καὶ ἄλλοι. Τοῦτο εἶνε ἐρώτημα διὰ τοὺς φιλολόγους μας.

Καὶ ὅμως ποῖος δὲν θὰ ἀνεγνώριζε ὅτι ὁ Ζὰν Βαλζὰν καὶ ὁ Δὸν Κιχώτης εἶνε χαρακτῆρες αἰώνιοι, ἀνήκοντες εἰς ὅλην τὴν ἀνθρωπότητα; Εἶνε κτῆμα πάντων.

Αἱ γυναῖκες ἐκτιμῶσι τὴν ἀνδρείαν, τὴν ἀφοσίωσιν καὶ τὴν πίστιν. Ὁ Γιάννης Ἀγιάννης ἔλαβε τὴν δευτέραν θέσιν ὡς σύμβολον τῆς ἠθικῆς ἀναγεννήσεως. Ὁ Ἀρτανιὰν ἠγαπήθη διὰ τὸ θάρρος του.

Ἡ δὲ ψηφοφορία αὕτη εἶνε ἡ γνώμη ὅλου τοῦ μεγάλου κοινοῦ. Ἐὰν ἐγίνετο μόνον μεταξὺ τῶν λογίων, τὸ ἀποτέλεσμα θὰ ἦτο ἴσως διάφορον. Ὁ Σέρλοκ Χόλμς ἔλαβε πολλὰς ψήφους ἐκ τῶν νέων.

Καὶ μᾶς φαίνεται ὅτι ἐὰν ἐγίνετο παρόμοιον δημοψήφισμα καὶ ἐν Ἑλλάδι, τὰ ἀποτελέσματα δὲν θὰ ἦσαν πολὺ διάφορα. Ὁ Ματθαῖος, Ποῖος εἶνε ἄλλος φιλολογικὸς ἥρως ἀγαπητὸς εἰς ἡμᾶς;

Ἀλλὰ ποῖος Ἕλλην συγγραφεὺς ἐδημιούργησε ἥρωα ἀντάξιον τῶν μεγάλων ἐκείνων; Ὁ Μάτσιος, ὁ Μπουμπούρας, ὁ Παπαφλέσσας καὶ ἄλλοι. Τοῦτο εἶνε ἐρώτημα διὰ τοὺς φιλολόγους μας.

Καὶ ὅμως ποῖος δὲν θὰ ἀνεγνώριζε ὅτι ὁ Ζὰν Βαλζὰν καὶ ὁ Δὸν Κιχώτης εἶνε χαρακτῆρες αἰώνιοι, ἀνήκοντες εἰς ὅλην τὴν ἀνθρωπότητα; Εἶνε κτῆμα πάντων.

Τὸ ἀξιοσημείωτον ὅσον ἀφορᾷ τὸ δημοψήφισμα τοῦτο εἶνε ὅτι εἰς ἀμφότερα τὰ φύλα ὁ Συρανὸ ντὲ Βερζεράκ ἀνεδείχθη ὁ πρῶτος, ἥρως τοῦ ἡρωϊσμοῦ, τῆς εὐγενείας καὶ τῆς ἀφιλοκερδοῦς ἀγάπης.

Αἱ γυναῖκες ἐκτιμῶσι τὴν ἀνδρείαν, τὴν ἀφοσίωσιν καὶ τὴν πίστιν. Ὁ Γιάννης Ἀγιάννης ἔλαβε τὴν δευτέραν θέσιν ὡς σύμβολον τῆς ἠθικῆς ἀναγεννήσεως. Ὁ Ἀρτανιὰν ἠγαπήθη διὰ τὸ θάρρος του.

Ὁ Ματθαῖος, Εἶνε κάτι διάφορον, ὁ Μπερζεράκ ἐν τῇ ποιήσει. Μὴ ἐπιθυμῆτε ἀπὸ τὸν Ἄσουνδ.
